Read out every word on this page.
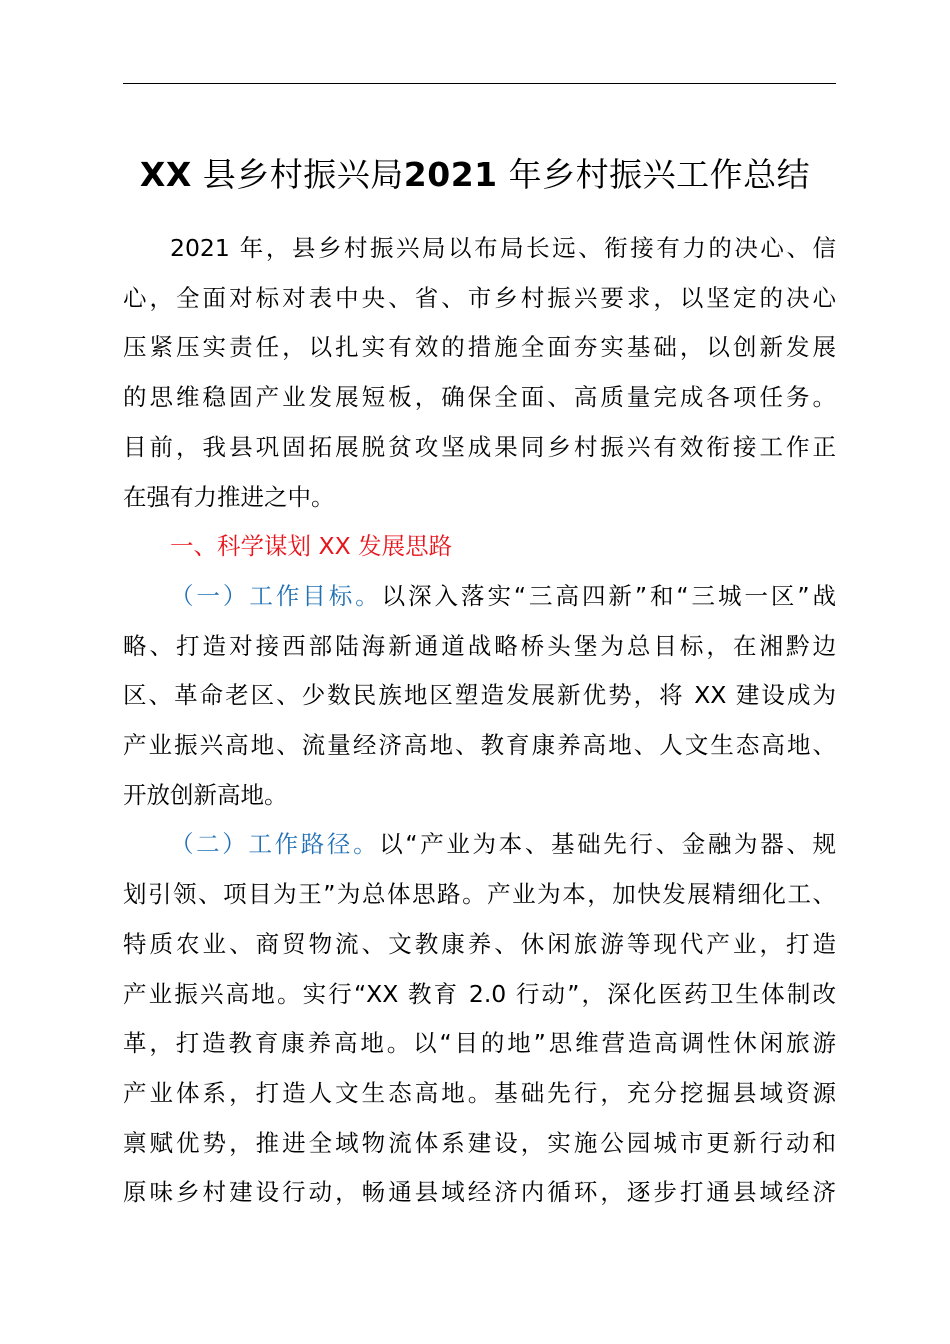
XX 县乡村振兴局2021 年乡村振兴工作总结
2021 年，县乡村振兴局以布局长远、衔接有力的决心、信
心，全面对标对表中央、省、市乡村振兴要求，以坚定的决心
压紧压实责任，以扎实有效的措施全面夯实基础，以创新发展
的思维稳固产业发展短板，确保全面、高质量完成各项任务。
目前，我县巩固拓展脱贫攻坚成果同乡村振兴有效衔接工作正
在强有力推进之中。
一、科学谋划 XX 发展思路
（一）工作目标。以深入落实“三高四新”和“三城一区”战
略、打造对接西部陆海新通道战略桥头堡为总目标，在湘黔边
区、革命老区、少数民族地区塑造发展新优势，将 XX 建设成为
产业振兴高地、流量经济高地、教育康养高地、人文生态高地、
开放创新高地。
（二）工作路径。以“产业为本、基础先行、金融为器、规
划引领、项目为王”为总体思路。产业为本，加快发展精细化工、
特质农业、商贸物流、文教康养、休闲旅游等现代产业，打造
产业振兴高地。实行“XX 教育 2.0 行动”，深化医药卫生体制改
革，打造教育康养高地。以“目的地”思维营造高调性休闲旅游
产业体系，打造人文生态高地。基础先行，充分挖掘县域资源
禀赋优势，推进全域物流体系建设，实施公园城市更新行动和
原味乡村建设行动，畅通县域经济内循环，逐步打通县域经济
